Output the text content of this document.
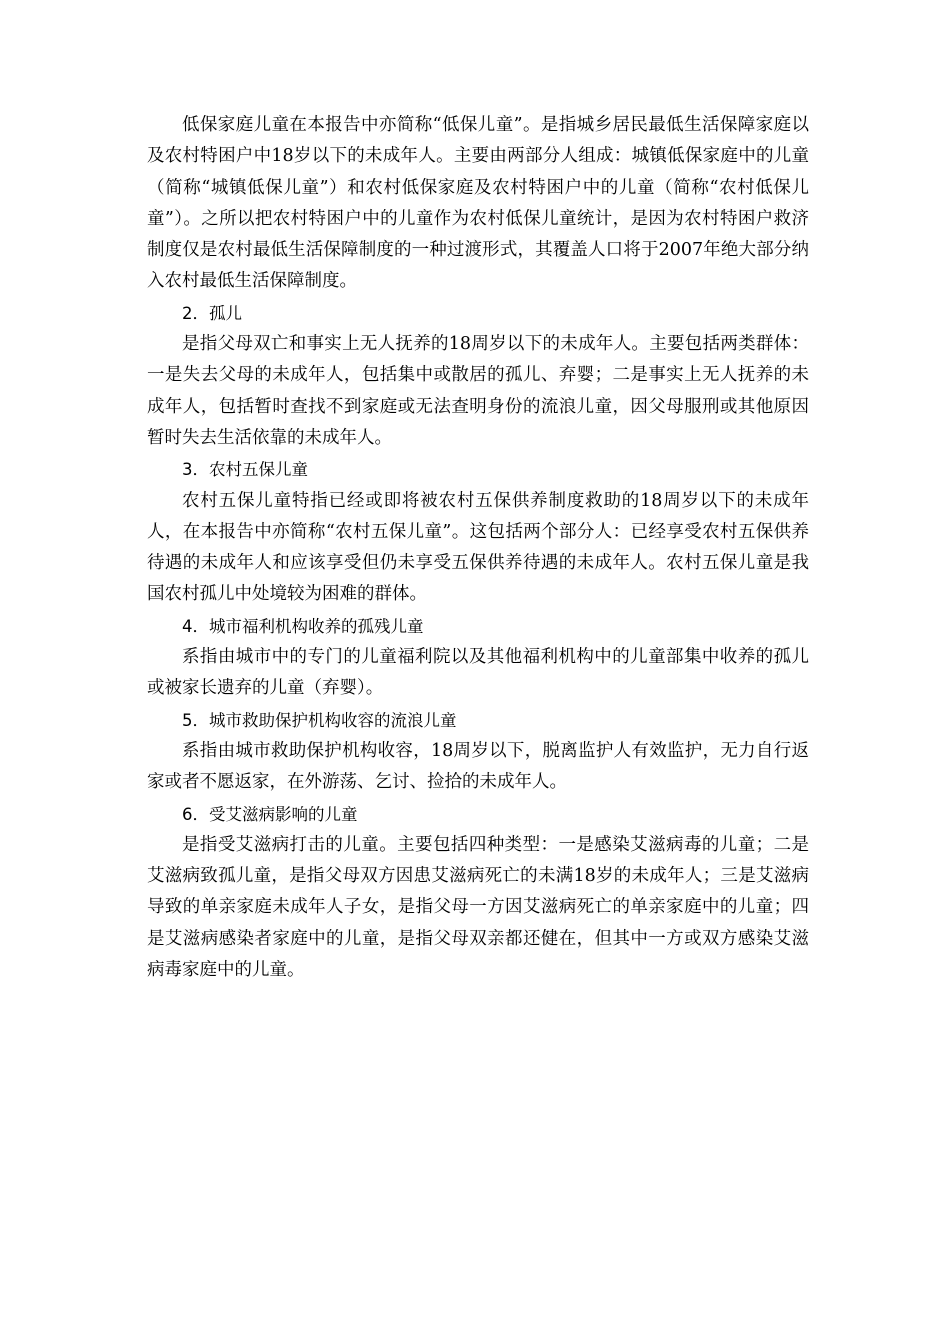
低保家庭儿童在本报告中亦简称“低保儿童”。是指城乡居民最低生活保障家庭以及农村特困户中18岁以下的未成年人。主要由两部分人组成：城镇低保家庭中的儿童（简称“城镇低保儿童”）和农村低保家庭及农村特困户中的儿童（简称“农村低保儿童”）。之所以把农村特困户中的儿童作为农村低保儿童统计，是因为农村特困户救济制度仅是农村最低生活保障制度的一种过渡形式，其覆盖人口将于2007年绝大部分纳入农村最低生活保障制度。

2．孤儿

是指父母双亡和事实上无人抚养的18周岁以下的未成年人。主要包括两类群体：一是失去父母的未成年人，包括集中或散居的孤儿、弃婴；二是事实上无人抚养的未成年人，包括暂时查找不到家庭或无法查明身份的流浪儿童，因父母服刑或其他原因暂时失去生活依靠的未成年人。

3．农村五保儿童

农村五保儿童特指已经或即将被农村五保供养制度救助的18周岁以下的未成年人，在本报告中亦简称“农村五保儿童”。这包括两个部分人：已经享受农村五保供养待遇的未成年人和应该享受但仍未享受五保供养待遇的未成年人。农村五保儿童是我国农村孤儿中处境较为困难的群体。

4．城市福利机构收养的孤残儿童

系指由城市中的专门的儿童福利院以及其他福利机构中的儿童部集中收养的孤儿或被家长遗弃的儿童（弃婴）。

5．城市救助保护机构收容的流浪儿童

系指由城市救助保护机构收容，18周岁以下，脱离监护人有效监护，无力自行返家或者不愿返家，在外游荡、乞讨、捡拾的未成年人。

6．受艾滋病影响的儿童

是指受艾滋病打击的儿童。主要包括四种类型：一是感染艾滋病毒的儿童；二是艾滋病致孤儿童，是指父母双方因患艾滋病死亡的未满18岁的未成年人；三是艾滋病导致的单亲家庭未成年人子女，是指父母一方因艾滋病死亡的单亲家庭中的儿童；四是艾滋病感染者家庭中的儿童，是指父母双亲都还健在，但其中一方或双方感染艾滋病毒家庭中的儿童。
